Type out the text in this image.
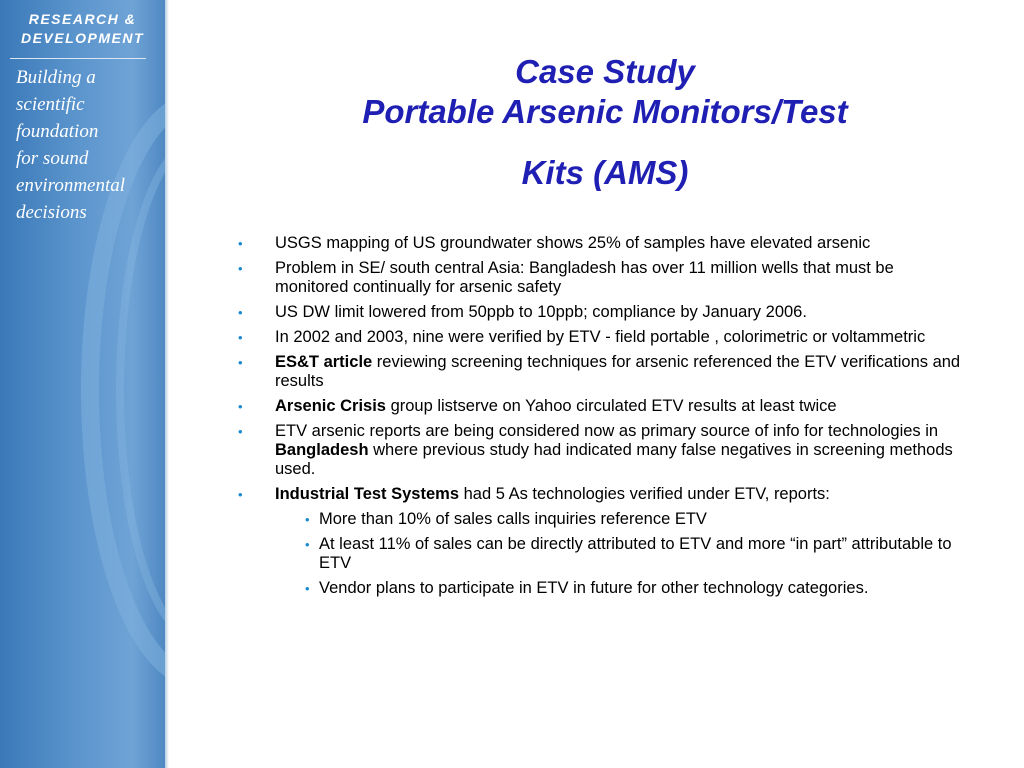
RESEARCH &
DEVELOPMENT
Building a
scientific
foundation
for sound
environmental
decisions
Case Study
Portable Arsenic Monitors/Test
Kits (AMS)
• USGS mapping of US groundwater shows 25% of samples have elevated arsenic
• Problem in SE/ south central Asia: Bangladesh has over 11 million wells that must be monitored continually for arsenic safety
• US DW limit lowered from 50ppb to 10ppb; compliance by January 2006.
• In 2002 and 2003, nine were verified by ETV - field portable , colorimetric or voltammetric
• ES&T article reviewing screening techniques for arsenic referenced the ETV verifications and results
• Arsenic Crisis group listserve on Yahoo circulated ETV results at least twice
• ETV arsenic reports are being considered now as primary source of info for technologies in Bangladesh where previous study had indicated many false negatives in screening methods used.
• Industrial Test Systems had 5 As technologies verified under ETV, reports:
• More than 10% of sales calls inquiries reference ETV
• At least 11% of sales can be directly attributed to ETV and more “in part” attributable to ETV
• Vendor plans to participate in ETV in future for other technology categories.
